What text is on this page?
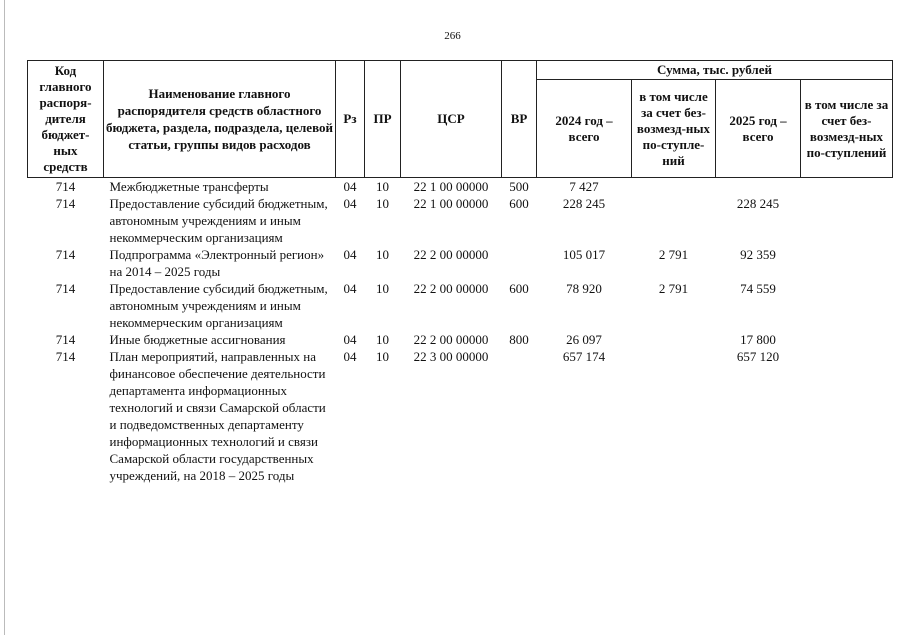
266
Код главного распоря-дителя бюджет-ных средств	Наименование главного распорядителя средств областного бюджета, раздела, подраздела, целевой статьи, группы видов расходов	Рз	ПР	ЦСР	ВР	Сумма, тыс. рублей			
						2024 год – всего	в том числе за счет без-возмезд-ных по-ступле-ний	2025 год – всего	в том числе за счет без-возмезд-ных по-ступлений
714	Межбюджетные трансферты	04	10	22 1 00 00000	500	7 427			
714	Предоставление субсидий бюджетным, автономным учреждениям и иным некоммерческим организациям	04	10	22 1 00 00000	600	228 245		228 245	
714	Подпрограмма «Электронный регион» на 2014 – 2025 годы	04	10	22 2 00 00000		105 017	2 791	92 359	
714	Предоставление субсидий бюджетным, автономным учреждениям и иным некоммерческим организациям	04	10	22 2 00 00000	600	78 920	2 791	74 559	
714	Иные бюджетные ассигнования	04	10	22 2 00 00000	800	26 097		17 800	
714	План мероприятий, направленных на финансовое обеспечение деятельности департамента информационных технологий и связи Самарской области и подведомственных департаменту информационных технологий и связи Самарской области государственных учреждений, на 2018 – 2025 годы	04	10	22 3 00 00000		657 174		657 120	
